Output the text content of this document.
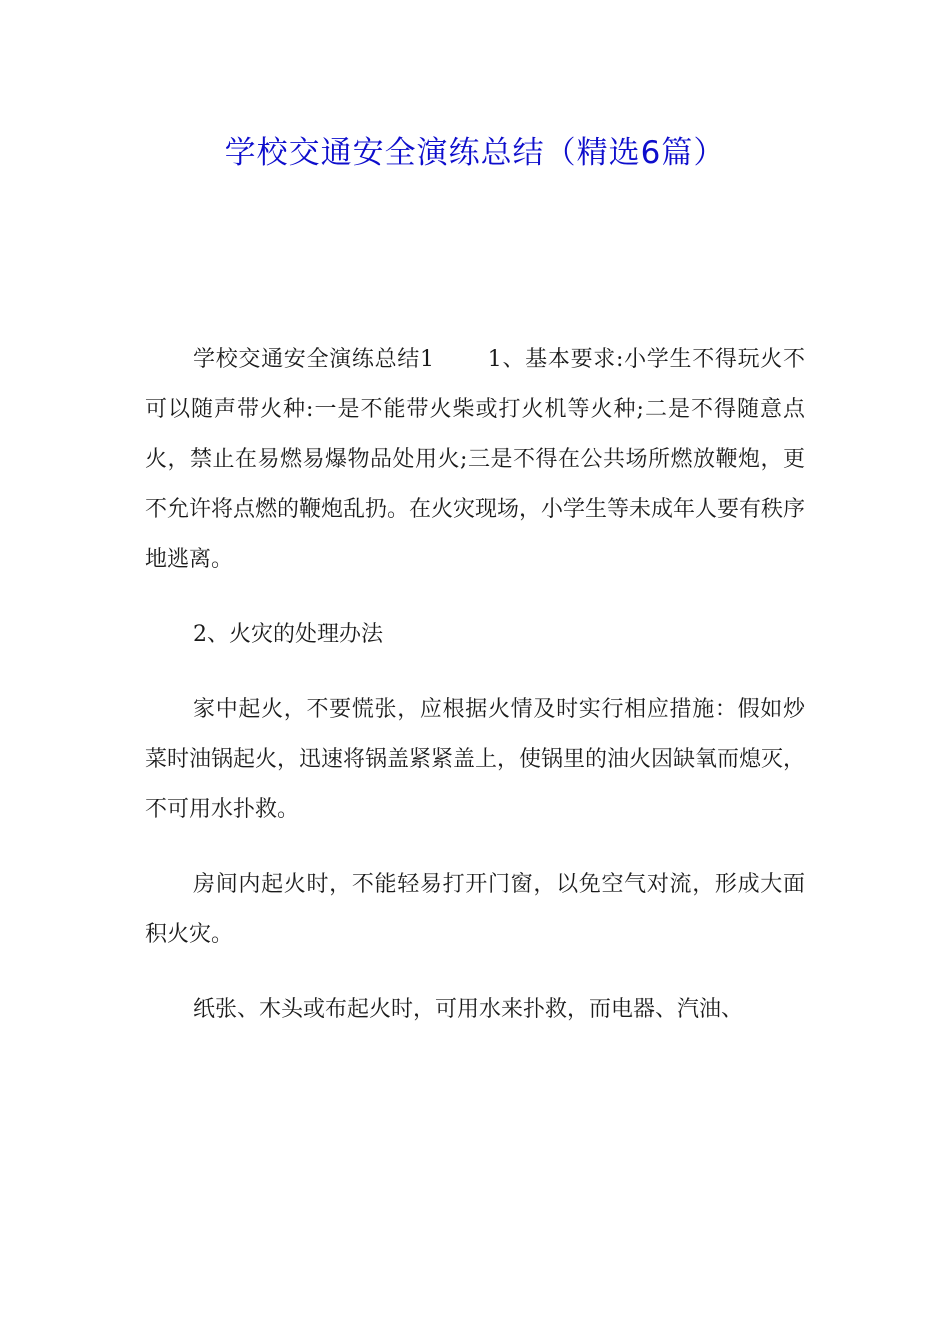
学校交通安全演练总结（精选6篇）

学校交通安全演练总结1　　 1、基本要求:小学生不得玩火不可以随声带火种:一是不能带火柴或打火机等火种;二是不得随意点火，禁止在易燃易爆物品处用火;三是不得在公共场所燃放鞭炮，更不允许将点燃的鞭炮乱扔。在火灾现场，小学生等未成年人要有秩序地逃离。

2、火灾的处理办法

家中起火，不要慌张，应根据火情及时实行相应措施：假如炒菜时油锅起火，迅速将锅盖紧紧盖上，使锅里的油火因缺氧而熄灭，不可用水扑救。

房间内起火时，不能轻易打开门窗，以免空气对流，形成大面积火灾。

纸张、木头或布起火时，可用水来扑救，而电器、汽油、
